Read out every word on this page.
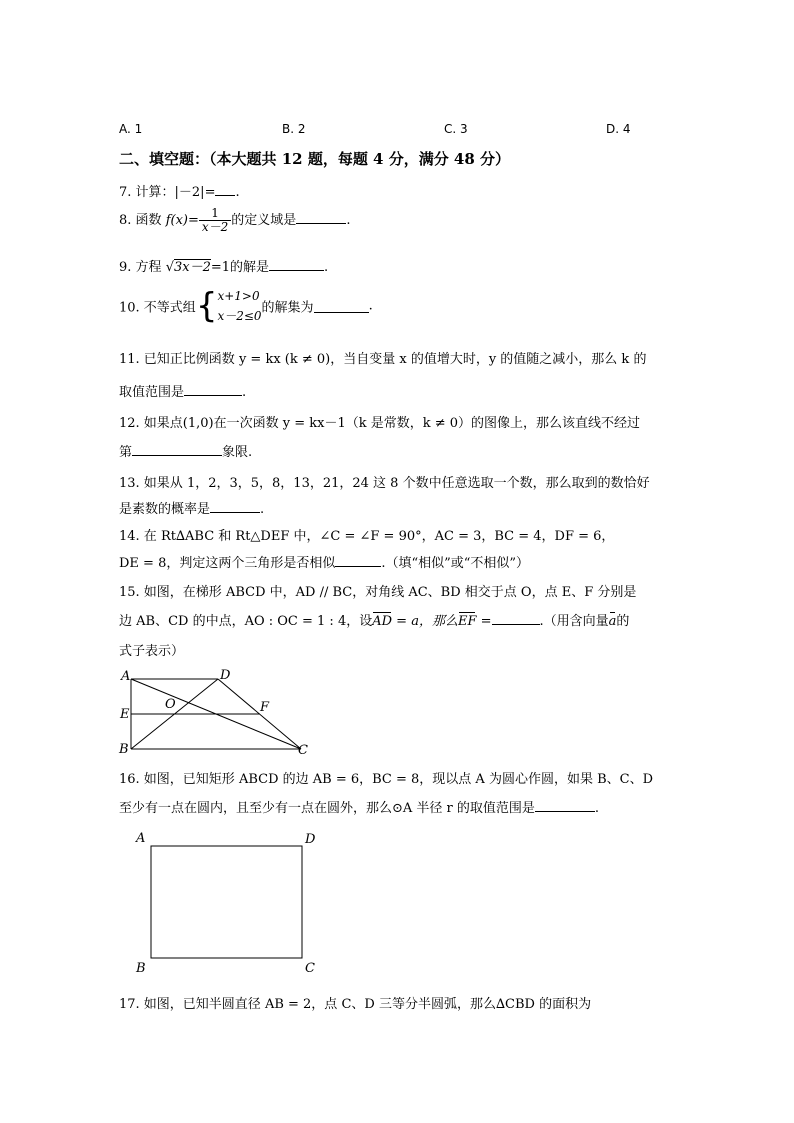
A. 1	B. 2	C. 3	D. 4
二、填空题：（本大题共 12 题，每题 4 分，满分 48 分）
7. 计算：|－2|= .
8. 函数 $f(x)= \frac{1}{x-2}$ 的定义域是	.
9. 方程 √3x－2=1的解是	.
10. 不等式组{ x+1>0
x－2≤0
的解集为	.
11. 已知正比例函数 y = kx (k ≠ 0)，当自变量 x 的值增大时，y 的值随之减小，那么 k 的
取值范围是	.
12. 如果点(1,0)在一次函数 y = kx－1（k 是常数，k ≠ 0）的图像上，那么该直线不经过
第	象限.
13. 如果从 1，2，3，5，8，13，21，24 这 8 个数中任意选取一个数，那么取到的数恰好
是素数的概率是	.
14. 在 Rt∆ABC 和 Rt△DEF 中，∠C = ∠F = 90°，AC = 3，BC = 4，DF = 6，
DE = 8，判定这两个三角形是否相似	.（填“相似”或“不相似”）
15. 如图，在梯形 ABCD 中，AD // BC，对角线 AC、BD 相交于点 O，点 E、F 分别是
边 AB、CD 的中点，AO : OC = 1 : 4，设AD = a，那么EF =	.（用含向量a的
式子表示）
A	D
E
O	F
B	C
16. 如图，已知矩形 ABCD 的边 AB = 6，BC = 8，现以点 A 为圆心作圆，如果 B、C、D
至少有一点在圆内，且至少有一点在圆外，那么⊙A 半径 r 的取值范围是	.
A	D
B	C
17. 如图，已知半圆直径 AB = 2，点 C、D 三等分半圆弧，那么∆CBD 的面积为
